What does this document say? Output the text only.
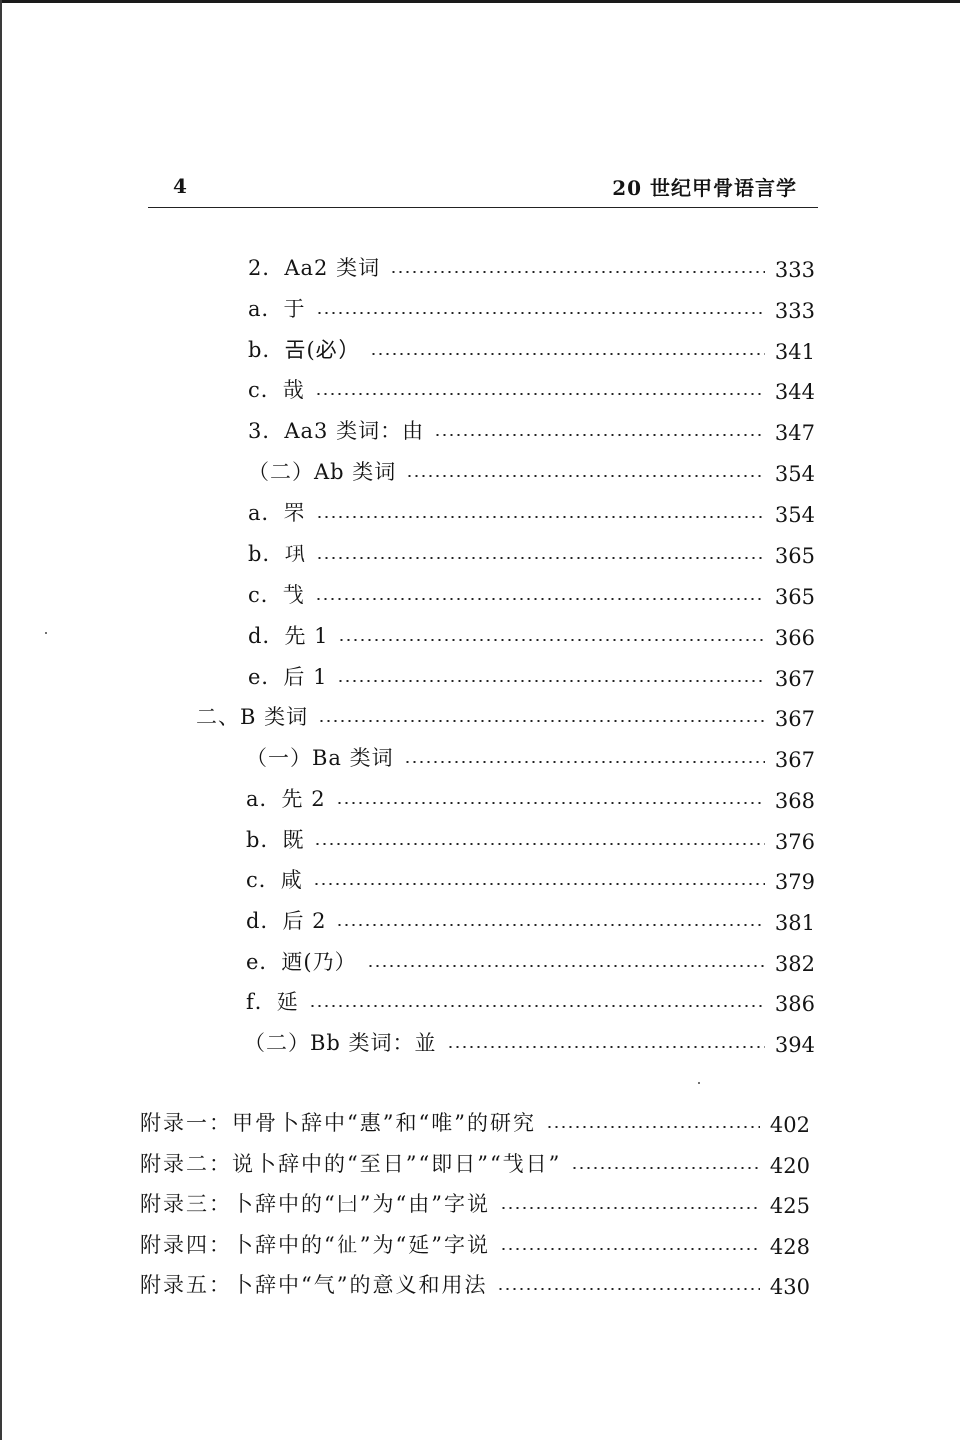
4	20 世纪甲骨语言学
2．Aa2 类词	333
a．于	333
b．𢀛(必）	341
c．哉	344
3．Aa3 类词：由	347
（二）Ab 类词	354
a．罘	354
b．𢀜	365
c．𢦏	365
d．先 1	366
e．后 1	367
二、B 类词	367
（一）Ba 类词	367
a．先 2	368
b．既	376
c．咸	379
d．后 2	381
e．迺(乃）	382
f．延	386
（二）Bb 类词：並	394
附录一：甲骨卜辞中“惠”和“唯”的研究	402
附录二：说卜辞中的“至日”“即日”“𢦏日”	420
附录三：卜辞中的“𠙵”为“由”字说	425
附录四：卜辞中的“𢓊”为“延”字说	428
附录五：卜辞中“气”的意义和用法	430
